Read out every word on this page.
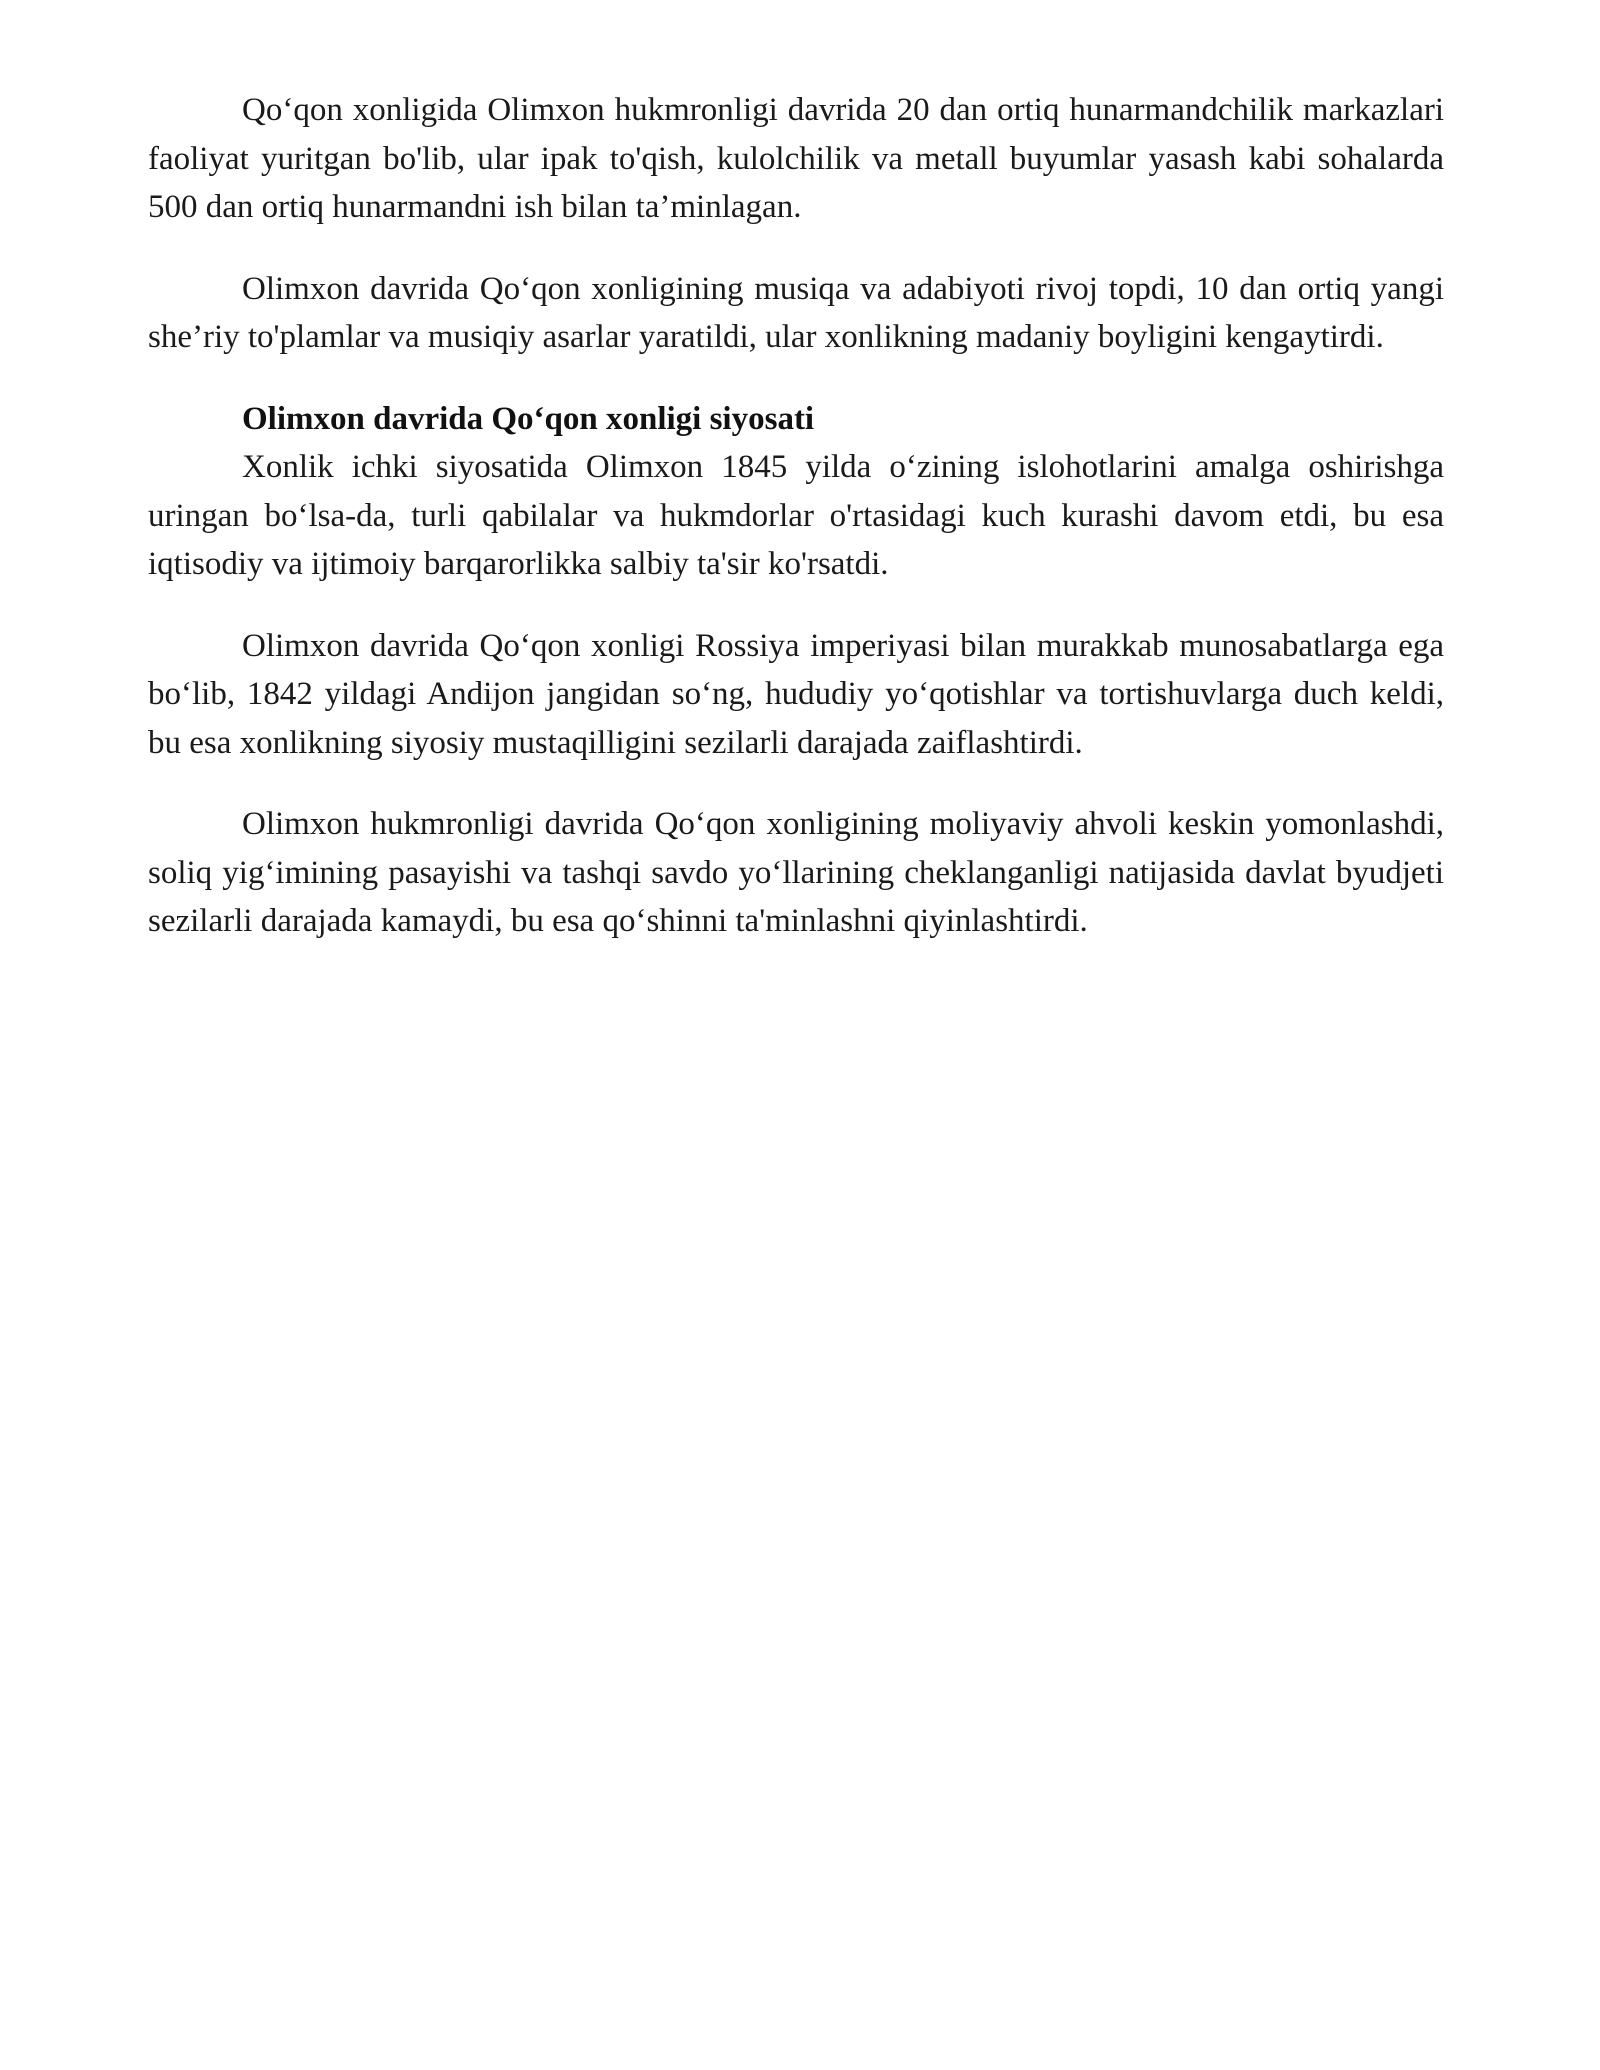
Qo‘qon xonligida Olimxon hukmronligi davrida 20 dan ortiq hunarmandchilik markazlari faoliyat yuritgan bo'lib, ular ipak to'qish, kulolchilik va metall buyumlar yasash kabi sohalarda 500 dan ortiq hunarmandni ish bilan ta’minlagan.

Olimxon davrida Qo‘qon xonligining musiqa va adabiyoti rivoj topdi, 10 dan ortiq yangi she’riy to'plamlar va musiqiy asarlar yaratildi, ular xonlikning madaniy boyligini kengaytirdi.

Olimxon davrida Qo‘qon xonligi siyosati

Xonlik ichki siyosatida Olimxon 1845 yilda o‘zining islohotlarini amalga oshirishga uringan bo‘lsa-da, turli qabilalar va hukmdorlar o'rtasidagi kuch kurashi davom etdi, bu esa iqtisodiy va ijtimoiy barqarorlikka salbiy ta'sir ko'rsatdi.

Olimxon davrida Qo‘qon xonligi Rossiya imperiyasi bilan murakkab munosabatlarga ega bo‘lib, 1842 yildagi Andijon jangidan so‘ng, hududiy yo‘qotishlar va tortishuvlarga duch keldi, bu esa xonlikning siyosiy mustaqilligini sezilarli darajada zaiflashtirdi.

Olimxon hukmronligi davrida Qo‘qon xonligining moliyaviy ahvoli keskin yomonlashdi, soliq yig‘imining pasayishi va tashqi savdo yo‘llarining cheklanganligi natijasida davlat byudjeti sezilarli darajada kamaydi, bu esa qo‘shinni ta'minlashni qiyinlashtirdi.
